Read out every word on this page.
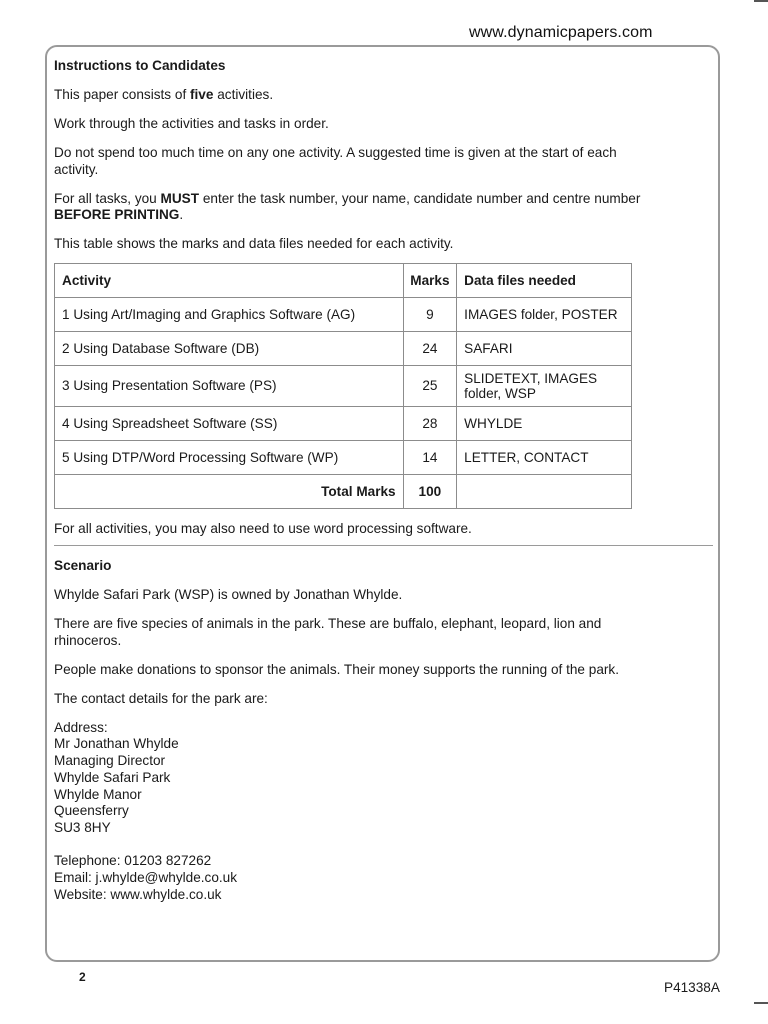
www.dynamicpapers.com
Instructions to Candidates

This paper consists of five activities.

Work through the activities and tasks in order.

Do not spend too much time on any one activity. A suggested time is given at the start of each activity.

For all tasks, you MUST enter the task number, your name, candidate number and centre number BEFORE PRINTING.

This table shows the marks and data files needed for each activity.

Activity	Marks	Data files needed
1 Using Art/Imaging and Graphics Software (AG)	9	IMAGES folder, POSTER
2 Using Database Software (DB)	24	SAFARI
3 Using Presentation Software (PS)	25	SLIDETEXT, IMAGES folder, WSP
4 Using Spreadsheet Software (SS)	28	WHYLDE
5 Using DTP/Word Processing Software (WP)	14	LETTER, CONTACT
Total Marks	100	

For all activities, you may also need to use word processing software.

Scenario

Whylde Safari Park (WSP) is owned by Jonathan Whylde.

There are five species of animals in the park. These are buffalo, elephant, leopard, lion and rhinoceros.

People make donations to sponsor the animals. Their money supports the running of the park.

The contact details for the park are:

Address:
Mr Jonathan Whylde
Managing Director
Whylde Safari Park
Whylde Manor
Queensferry
SU3 8HY
Telephone: 01203 827262
Email: j.whylde@whylde.co.uk
Website: www.whylde.co.uk
2
P41338A
